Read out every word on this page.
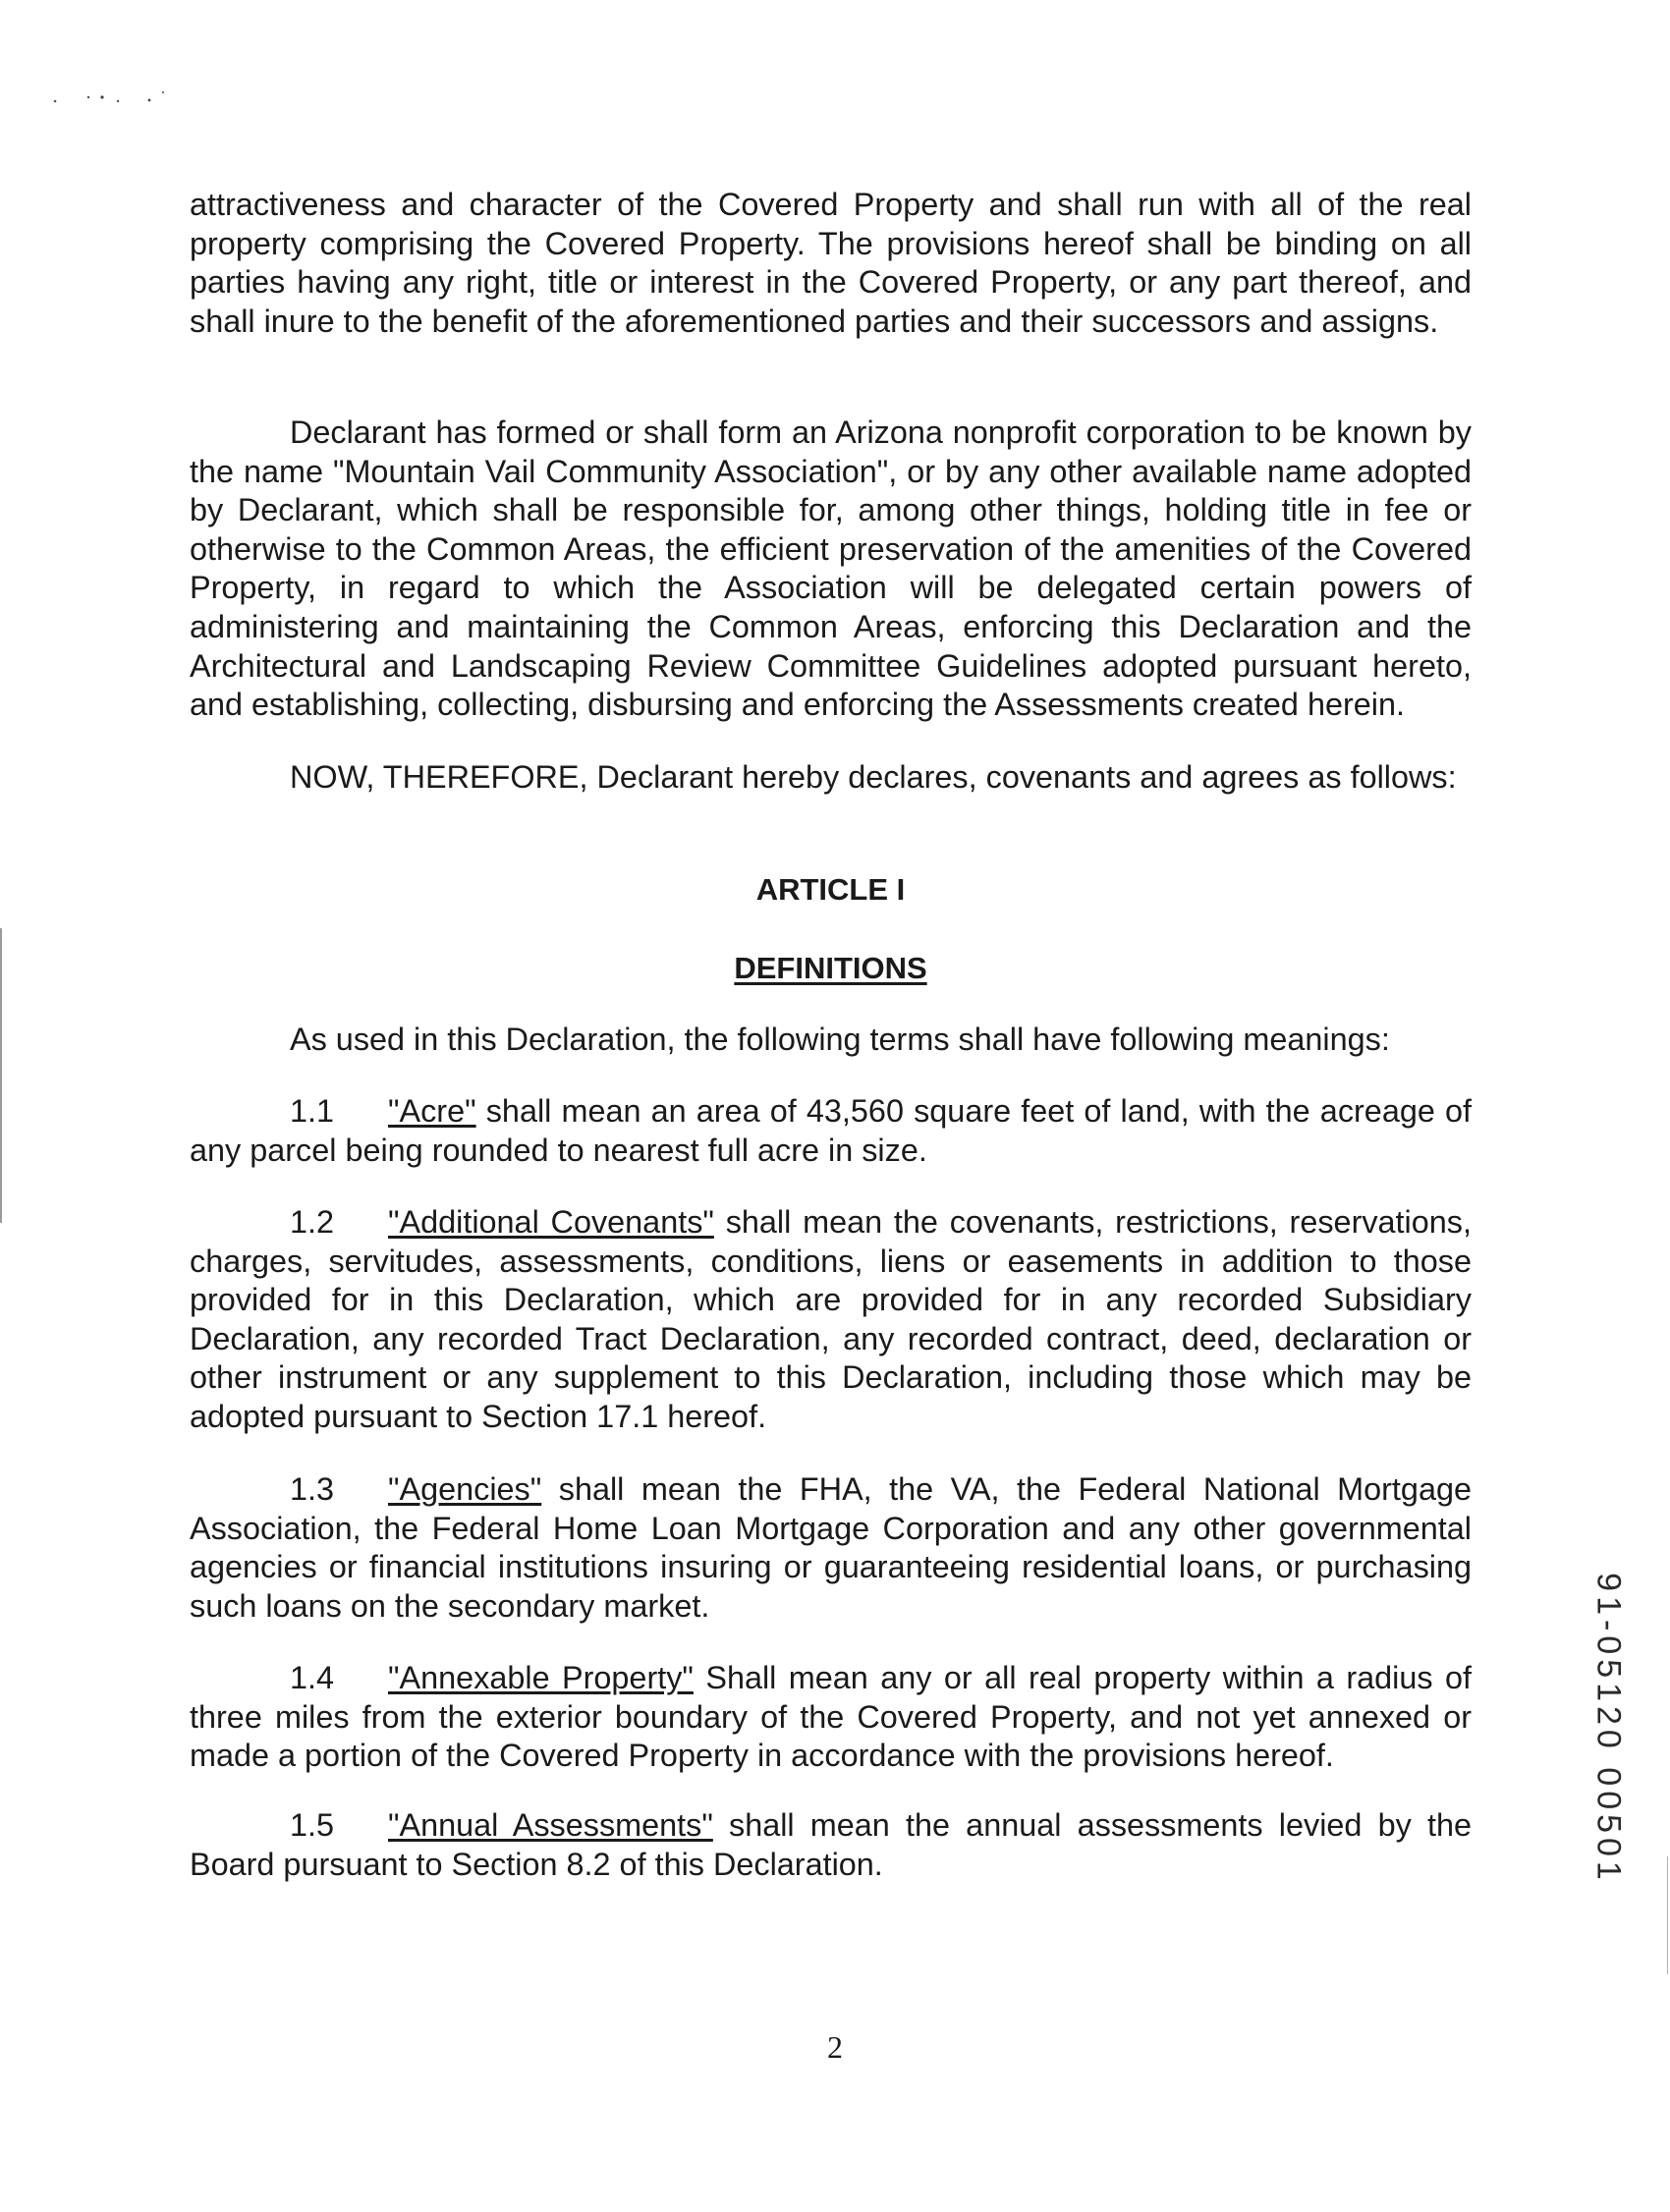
attractiveness and character of the Covered Property and shall run with all of the real property comprising the Covered Property. The provisions hereof shall be binding on all parties having any right, title or interest in the Covered Property, or any part thereof, and shall inure to the benefit of the aforementioned parties and their successors and assigns.

Declarant has formed or shall form an Arizona nonprofit corporation to be known by the name "Mountain Vail Community Association", or by any other available name adopted by Declarant, which shall be responsible for, among other things, holding title in fee or otherwise to the Common Areas, the efficient preservation of the amenities of the Covered Property, in regard to which the Association will be delegated certain powers of administering and maintaining the Common Areas, enforcing this Declaration and the Architectural and Landscaping Review Committee Guidelines adopted pursuant hereto, and establishing, collecting, disbursing and enforcing the Assessments created herein.

NOW, THEREFORE, Declarant hereby declares, covenants and agrees as follows:

ARTICLE I
DEFINITIONS

As used in this Declaration, the following terms shall have following meanings:

1.1 "Acre" shall mean an area of 43,560 square feet of land, with the acreage of any parcel being rounded to nearest full acre in size.

1.2 "Additional Covenants" shall mean the covenants, restrictions, reservations, charges, servitudes, assessments, conditions, liens or easements in addition to those provided for in this Declaration, which are provided for in any recorded Subsidiary Declaration, any recorded Tract Declaration, any recorded contract, deed, declaration or other instrument or any supplement to this Declaration, including those which may be adopted pursuant to Section 17.1 hereof.

1.3 "Agencies" shall mean the FHA, the VA, the Federal National Mortgage Association, the Federal Home Loan Mortgage Corporation and any other governmental agencies or financial institutions insuring or guaranteeing residential loans, or purchasing such loans on the secondary market.

1.4 "Annexable Property" Shall mean any or all real property within a radius of three miles from the exterior boundary of the Covered Property, and not yet annexed or made a portion of the Covered Property in accordance with the provisions hereof.

1.5 "Annual Assessments" shall mean the annual assessments levied by the Board pursuant to Section 8.2 of this Declaration.	91-05120 00501
2
